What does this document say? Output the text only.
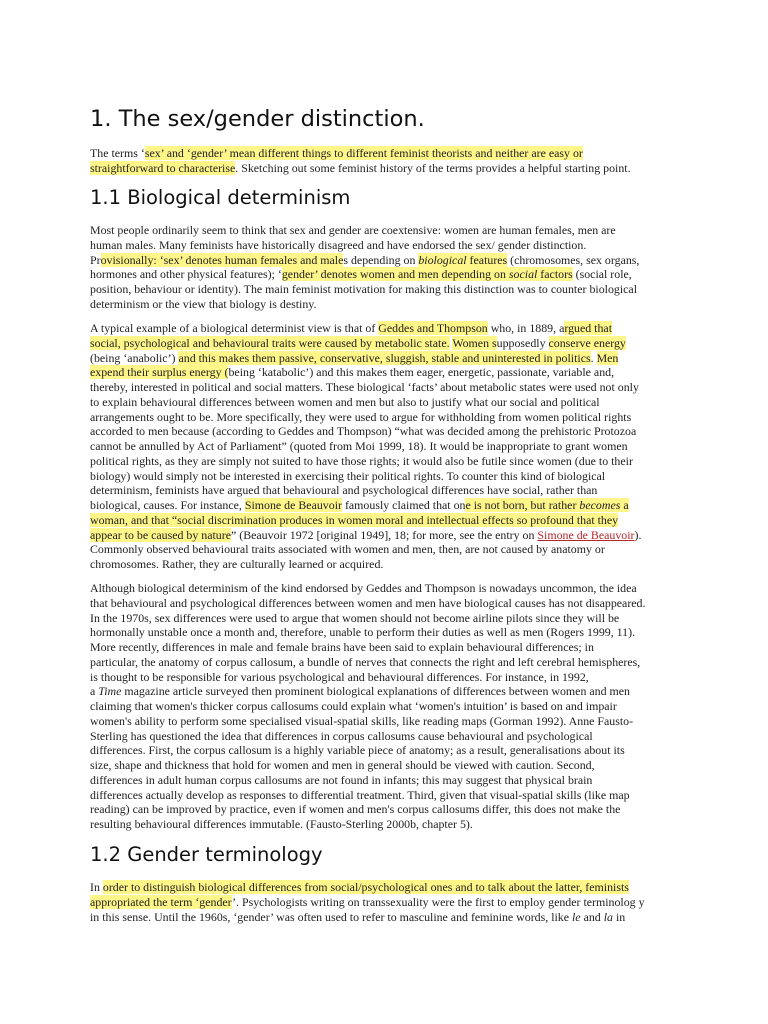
1. The sex/gender distinction.
The terms ‘sex’ and ‘gender’ mean different things to different feminist theorists and neither are easy or
straightforward to characterise. Sketching out some feminist history of the terms provides a helpful starting point.
1.1 Biological determinism
Most people ordinarily seem to think that sex and gender are coextensive: women are human females, men are
human males. Many feminists have historically disagreed and have endorsed the sex/ gender distinction.
Provisionally: ‘sex’ denotes human females and males depending on biological features (chromosomes, sex organs,
hormones and other physical features); ‘gender’ denotes women and men depending on social factors (social role,
position, behaviour or identity). The main feminist motivation for making this distinction was to counter biological
determinism or the view that biology is destiny.
A typical example of a biological determinist view is that of Geddes and Thompson who, in 1889, argued that
social, psychological and behavioural traits were caused by metabolic state. Women supposedly conserve energy
(being ‘anabolic’) and this makes them passive, conservative, sluggish, stable and uninterested in politics. Men
expend their surplus energy (being ‘katabolic’) and this makes them eager, energetic, passionate, variable and,
thereby, interested in political and social matters. These biological ‘facts’ about metabolic states were used not only
to explain behavioural differences between women and men but also to justify what our social and political
arrangements ought to be. More specifically, they were used to argue for withholding from women political rights
accorded to men because (according to Geddes and Thompson) “what was decided among the prehistoric Protozoa
cannot be annulled by Act of Parliament” (quoted from Moi 1999, 18). It would be inappropriate to grant women
political rights, as they are simply not suited to have those rights; it would also be futile since women (due to their
biology) would simply not be interested in exercising their political rights. To counter this kind of biological
determinism, feminists have argued that behavioural and psychological differences have social, rather than
biological, causes. For instance, Simone de Beauvoir famously claimed that one is not born, but rather becomes a
woman, and that “social discrimination produces in women moral and intellectual effects so profound that they
appear to be caused by nature” (Beauvoir 1972 [original 1949], 18; for more, see the entry on Simone de Beauvoir).
Commonly observed behavioural traits associated with women and men, then, are not caused by anatomy or
chromosomes. Rather, they are culturally learned or acquired.
Although biological determinism of the kind endorsed by Geddes and Thompson is nowadays uncommon, the idea
that behavioural and psychological differences between women and men have biological causes has not disappeared.
In the 1970s, sex differences were used to argue that women should not become airline pilots since they will be
hormonally unstable once a month and, therefore, unable to perform their duties as well as men (Rogers 1999, 11).
More recently, differences in male and female brains have been said to explain behavioural differences; in
particular, the anatomy of corpus callosum, a bundle of nerves that connects the right and left cerebral hemispheres,
is thought to be responsible for various psychological and behavioural differences. For instance, in 1992,
a Time magazine article surveyed then prominent biological explanations of differences between women and men
claiming that women's thicker corpus callosums could explain what ‘women's intuition’ is based on and impair
women's ability to perform some specialised visual-spatial skills, like reading maps (Gorman 1992). Anne Fausto-
Sterling has questioned the idea that differences in corpus callosums cause behavioural and psychological
differences. First, the corpus callosum is a highly variable piece of anatomy; as a result, generalisations about its
size, shape and thickness that hold for women and men in general should be viewed with caution. Second,
differences in adult human corpus callosums are not found in infants; this may suggest that physical brain
differences actually develop as responses to differential treatment. Third, given that visual-spatial skills (like map
reading) can be improved by practice, even if women and men's corpus callosums differ, this does not make the
resulting behavioural differences immutable. (Fausto-Sterling 2000b, chapter 5).
1.2 Gender terminology
In order to distinguish biological differences from social/psychological ones and to talk about the latter, feminists
appropriated the term ‘gender’. Psychologists writing on transsexuality were the first to employ gender terminolog y
in this sense. Until the 1960s, ‘gender’ was often used to refer to masculine and feminine words, like le and la in
